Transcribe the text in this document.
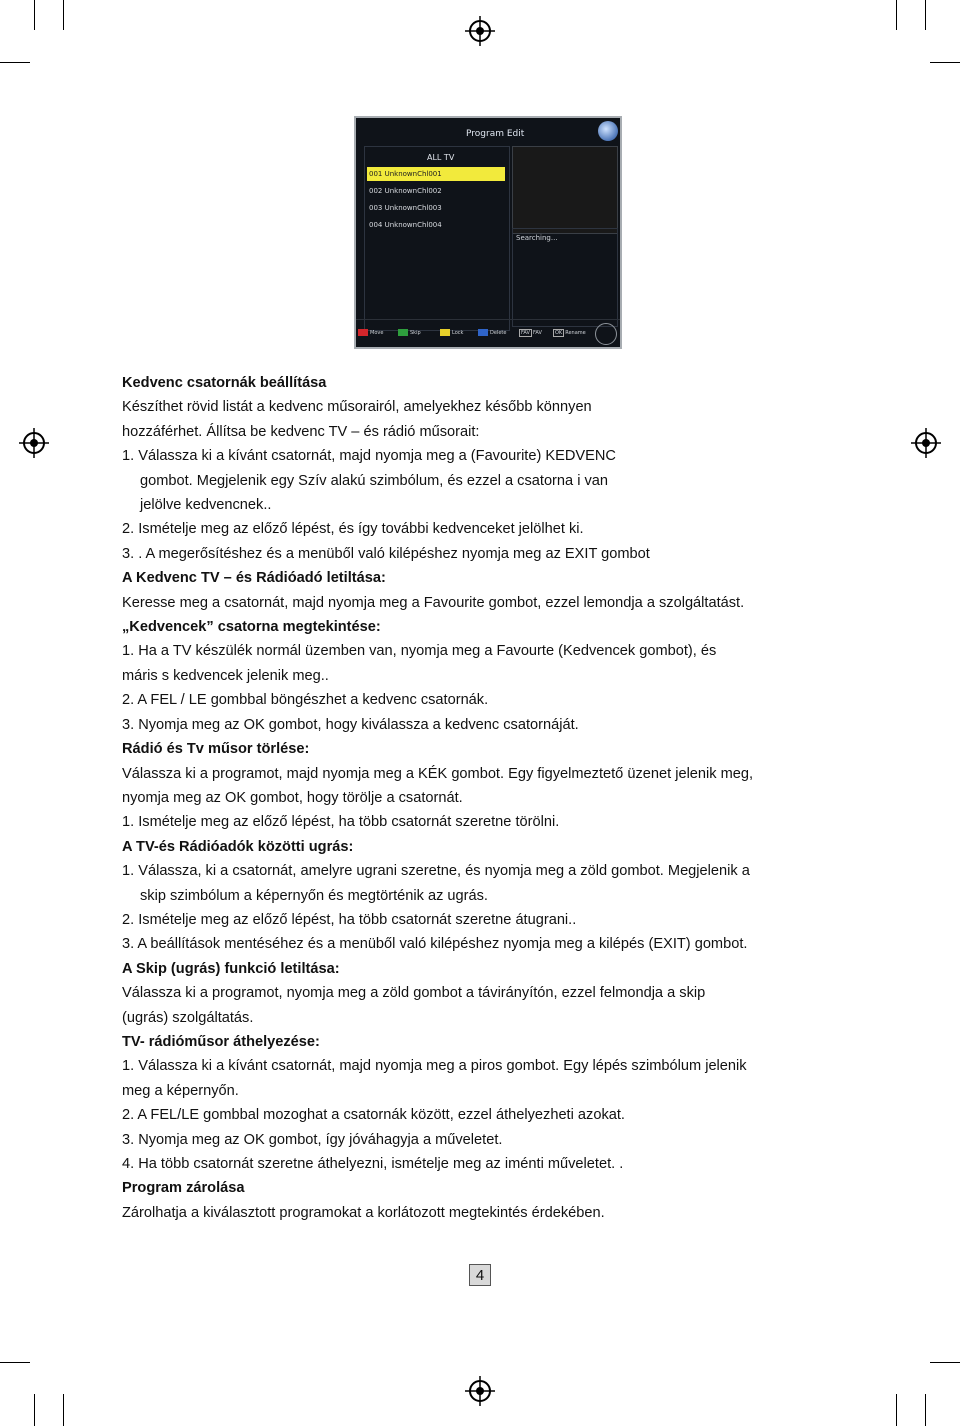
Program Edit
ALL TV
001 UnknownChl001
002 UnknownChl002
003 UnknownChl003
004 UnknownChl004
Searching...
Move	Skip	Lock	Delete	FAV FAV	OK Rename

Kedvenc csatornák beállítása

Készíthet rövid listát a kedvenc műsorairól, amelyekhez később könnyen

hozzáférhet. Állítsa be kedvenc TV – és rádió műsorait:

1. Válassza ki a kívánt csatornát, majd nyomja meg a (Favourite) KEDVENC

gombot. Megjelenik egy Szív alakú szimbólum, és ezzel a csatorna i van

jelölve kedvencnek..

2. Ismételje meg az előző lépést, és így további kedvenceket jelölhet ki.

3. . A megerősítéshez és a menüből való kilépéshez nyomja meg az EXIT gombot

A Kedvenc TV – és Rádióadó letiltása:

Keresse meg a csatornát, majd nyomja meg a Favourite gombot, ezzel lemondja a szolgáltatást.

„Kedvencek” csatorna megtekintése:

1. Ha a TV készülék normál üzemben van, nyomja meg a Favourte (Kedvencek gombot), és

máris s kedvencek jelenik meg..

2. A FEL / LE gombbal böngészhet a kedvenc csatornák.

3. Nyomja meg az OK gombot, hogy kiválassza a kedvenc csatornáját.

Rádió és Tv műsor törlése:

Válassza ki a programot, majd nyomja meg a KÉK gombot. Egy figyelmeztető üzenet jelenik meg,

nyomja meg az OK gombot, hogy törölje a csatornát.

1. Ismételje meg az előző lépést, ha több csatornát szeretne törölni.

A TV-és Rádióadók közötti ugrás:

1. Válassza, ki a csatornát, amelyre ugrani szeretne, és nyomja meg a zöld gombot. Megjelenik a

skip szimbólum a képernyőn és megtörténik az ugrás.

2. Ismételje meg az előző lépést, ha több csatornát szeretne átugrani..

3. A beállítások mentéséhez és a menüből való kilépéshez nyomja meg a kilépés (EXIT) gombot.

A Skip (ugrás) funkció letiltása:

Válassza ki a programot, nyomja meg a zöld gombot a távirányítón, ezzel felmondja a skip

(ugrás) szolgáltatás.

TV- rádióműsor áthelyezése:

1. Válassza ki a kívánt csatornát, majd nyomja meg a piros gombot. Egy lépés szimbólum jelenik

meg a képernyőn.

2. A FEL/LE gombbal mozoghat a csatornák között, ezzel áthelyezheti azokat.

3. Nyomja meg az OK gombot, így jóváhagyja a műveletet.

4. Ha több csatornát szeretne áthelyezni, ismételje meg az iménti műveletet. .

Program zárolása

Zárolhatja a kiválasztott programokat a korlátozott megtekintés érdekében.

4
